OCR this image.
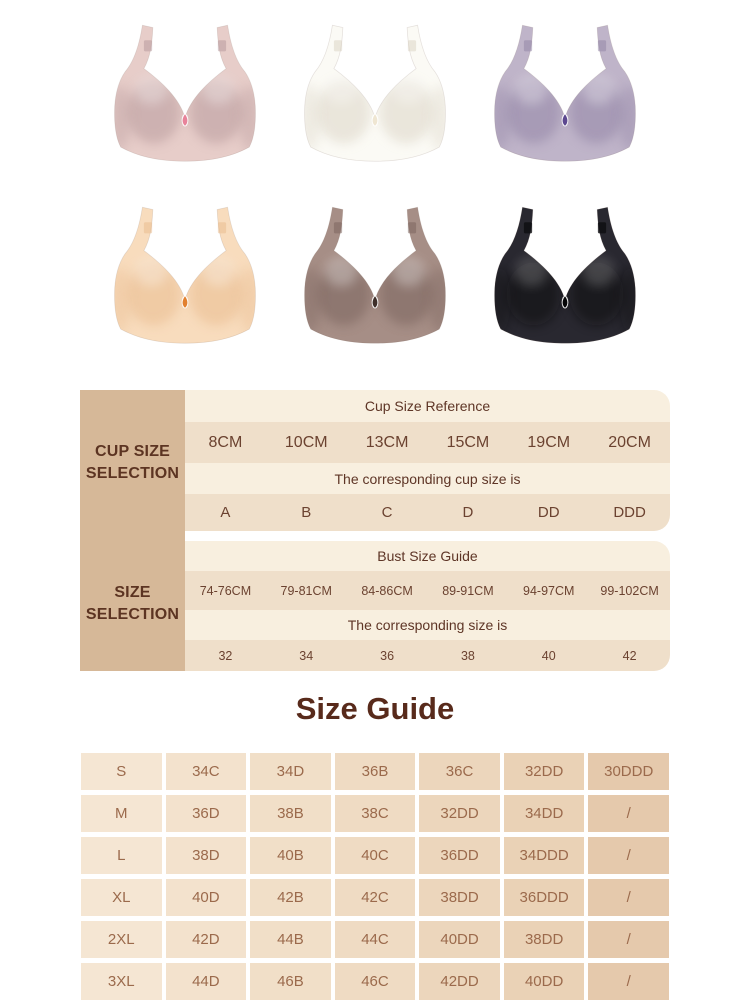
CUP SIZE SELECTION
SIZE SELECTION
Cup Size Reference
8CM	10CM	13CM	15CM	19CM	20CM
The corresponding cup size is
A	B	C	D	DD	DDD
Bust Size Guide
74-76CM	79-81CM	84-86CM	89-91CM	94-97CM	99-102CM
The corresponding size is
32	34	36	38	40	42
Size Guide
S	34C	34D	36B	36C	32DD	30DDD
M	36D	38B	38C	32DD	34DD	/
L	38D	40B	40C	36DD	34DDD	/
XL	40D	42B	42C	38DD	36DDD	/
2XL	42D	44B	44C	40DD	38DD	/
3XL	44D	46B	46C	42DD	40DD	/
